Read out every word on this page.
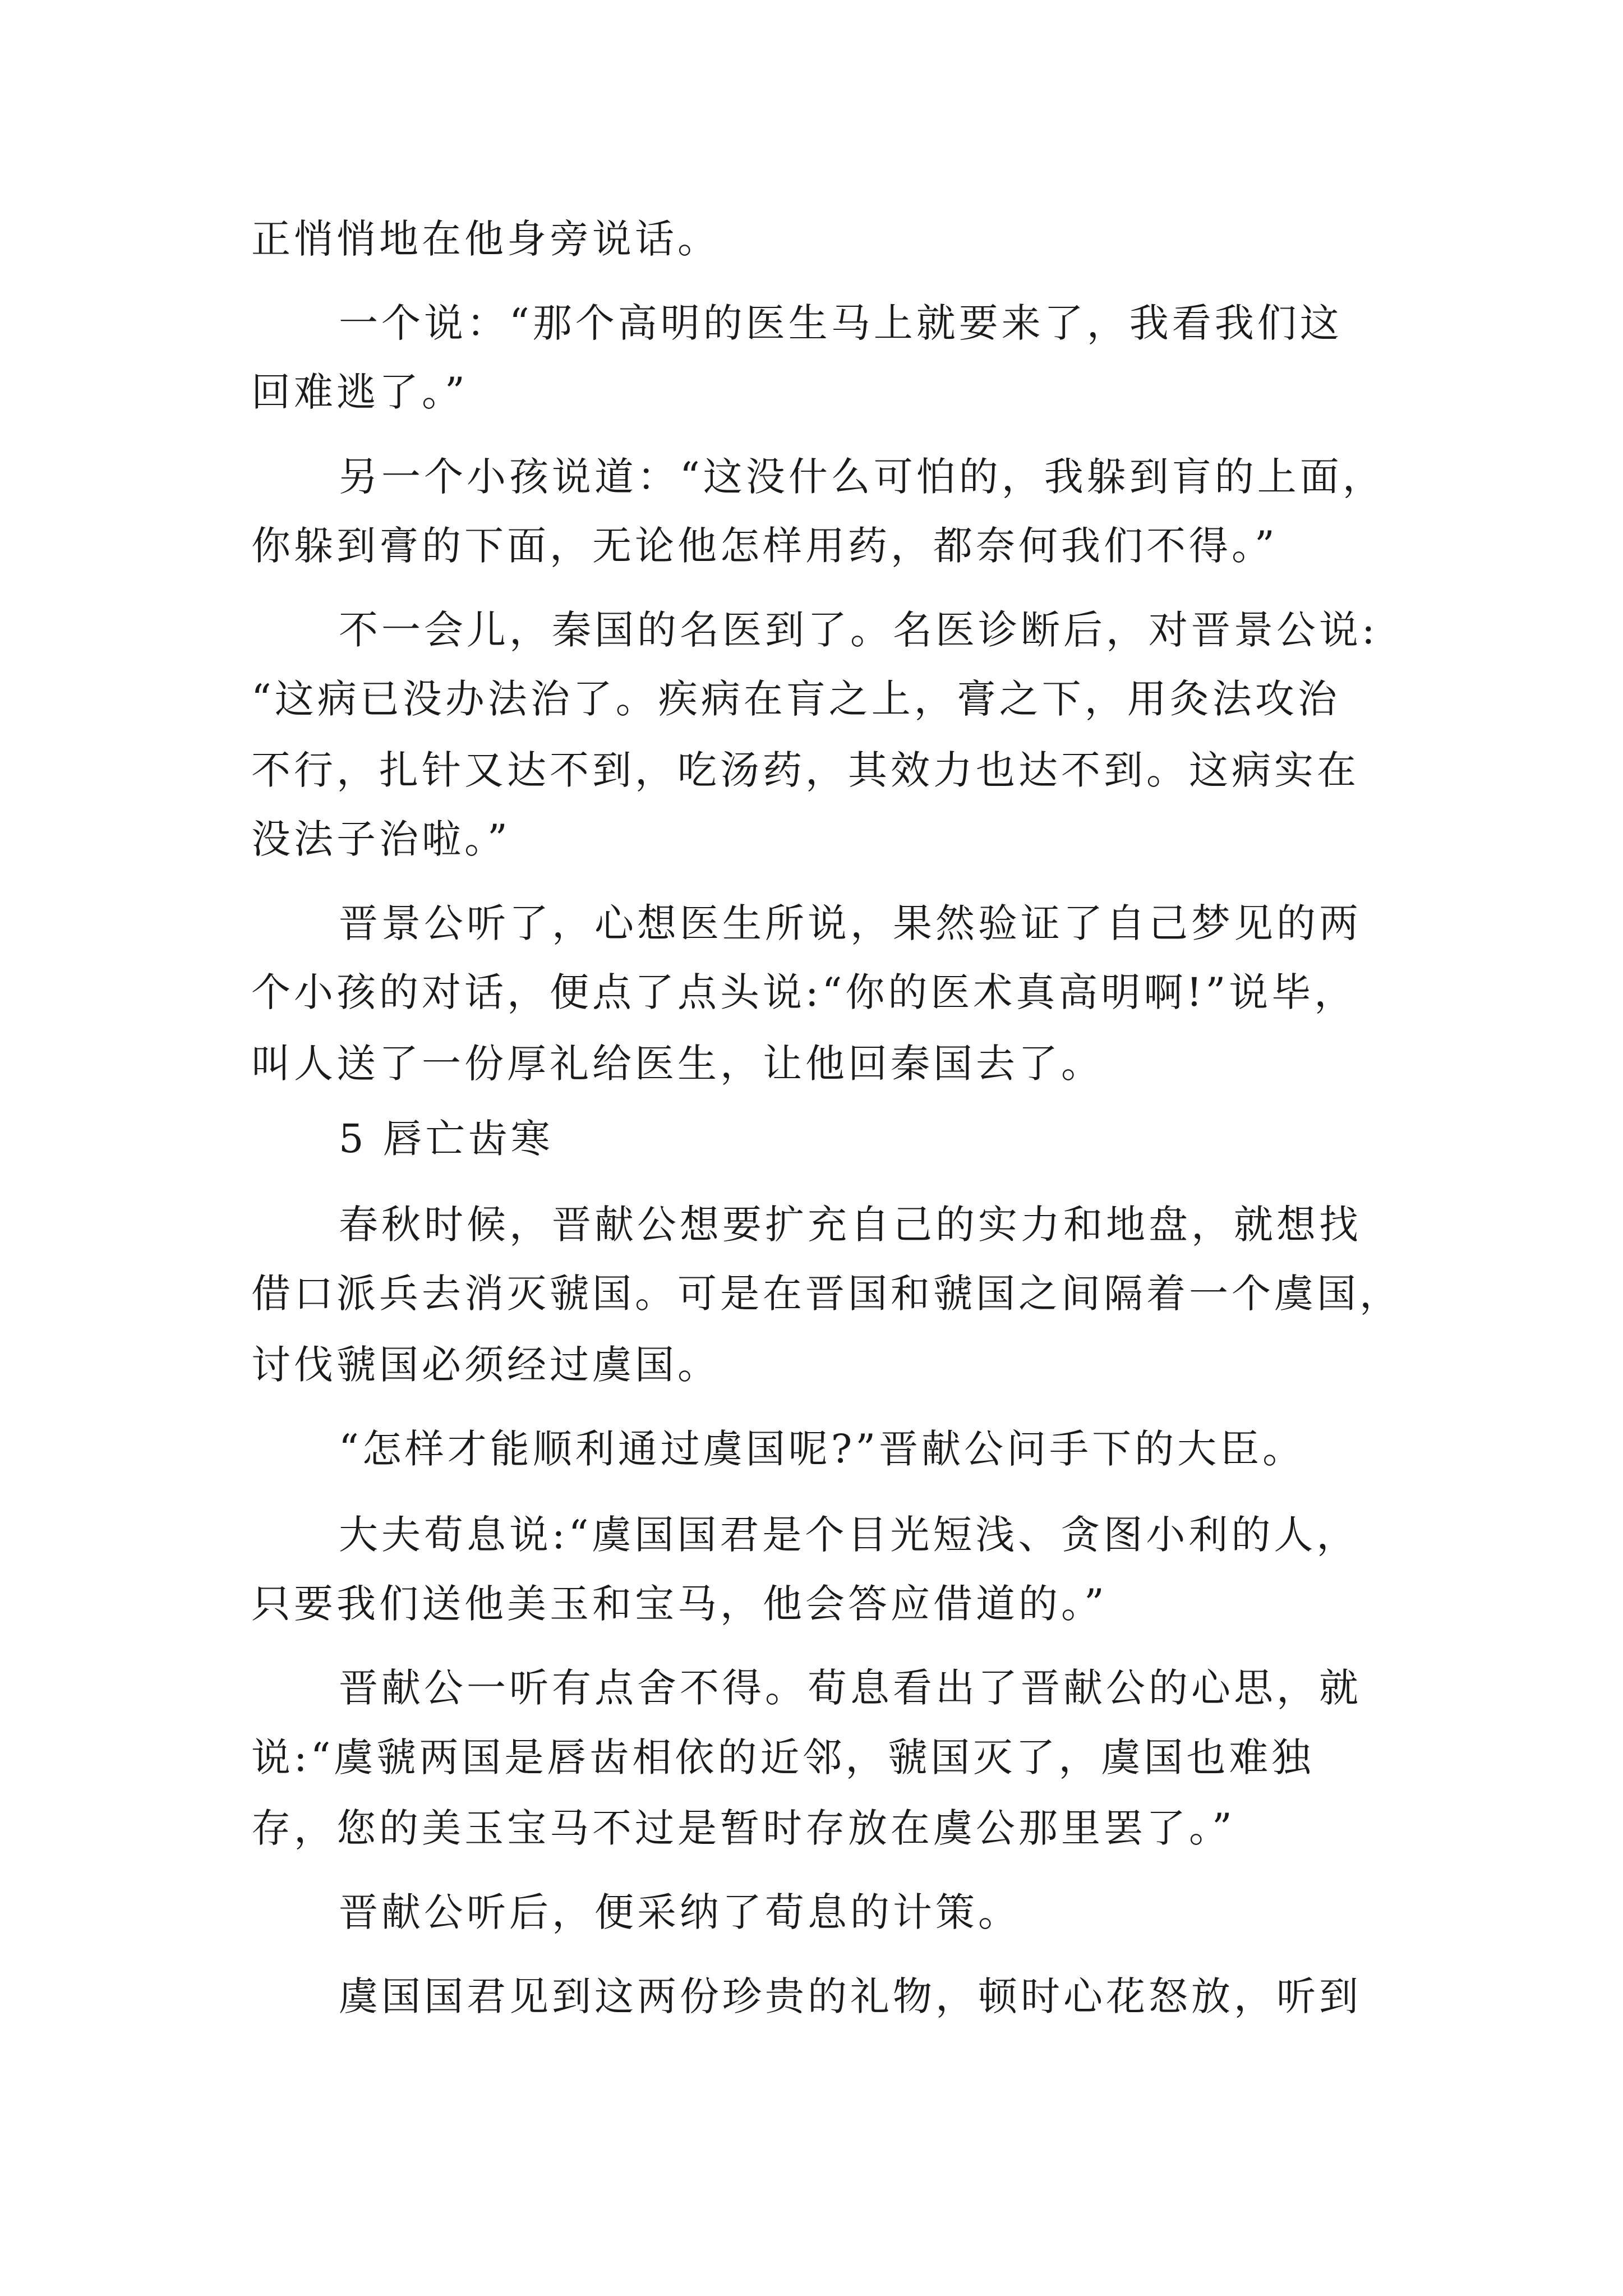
正悄悄地在他身旁说话。
一个说：“那个高明的医生马上就要来了，我看我们这
回难逃了。”
另一个小孩说道：“这没什么可怕的，我躲到肓的上面，
你躲到膏的下面，无论他怎样用药，都奈何我们不得。”
不一会儿，秦国的名医到了。名医诊断后，对晋景公说:
“这病已没办法治了。疾病在肓之上，膏之下，用灸法攻治
不行，扎针又达不到，吃汤药，其效力也达不到。这病实在
没法子治啦。”
晋景公听了，心想医生所说，果然验证了自己梦见的两
个小孩的对话，便点了点头说:“你的医术真高明啊!”说毕，
叫人送了一份厚礼给医生，让他回秦国去了。
5 唇亡齿寒
春秋时候，晋献公想要扩充自己的实力和地盘，就想找
借口派兵去消灭虢国。可是在晋国和虢国之间隔着一个虞国，
讨伐虢国必须经过虞国。
“怎样才能顺利通过虞国呢?”晋献公问手下的大臣。
大夫荀息说:“虞国国君是个目光短浅、贪图小利的人，
只要我们送他美玉和宝马，他会答应借道的。”
晋献公一听有点舍不得。荀息看出了晋献公的心思，就
说:“虞虢两国是唇齿相依的近邻，虢国灭了，虞国也难独
存，您的美玉宝马不过是暂时存放在虞公那里罢了。”
晋献公听后，便采纳了荀息的计策。
虞国国君见到这两份珍贵的礼物，顿时心花怒放，听到
